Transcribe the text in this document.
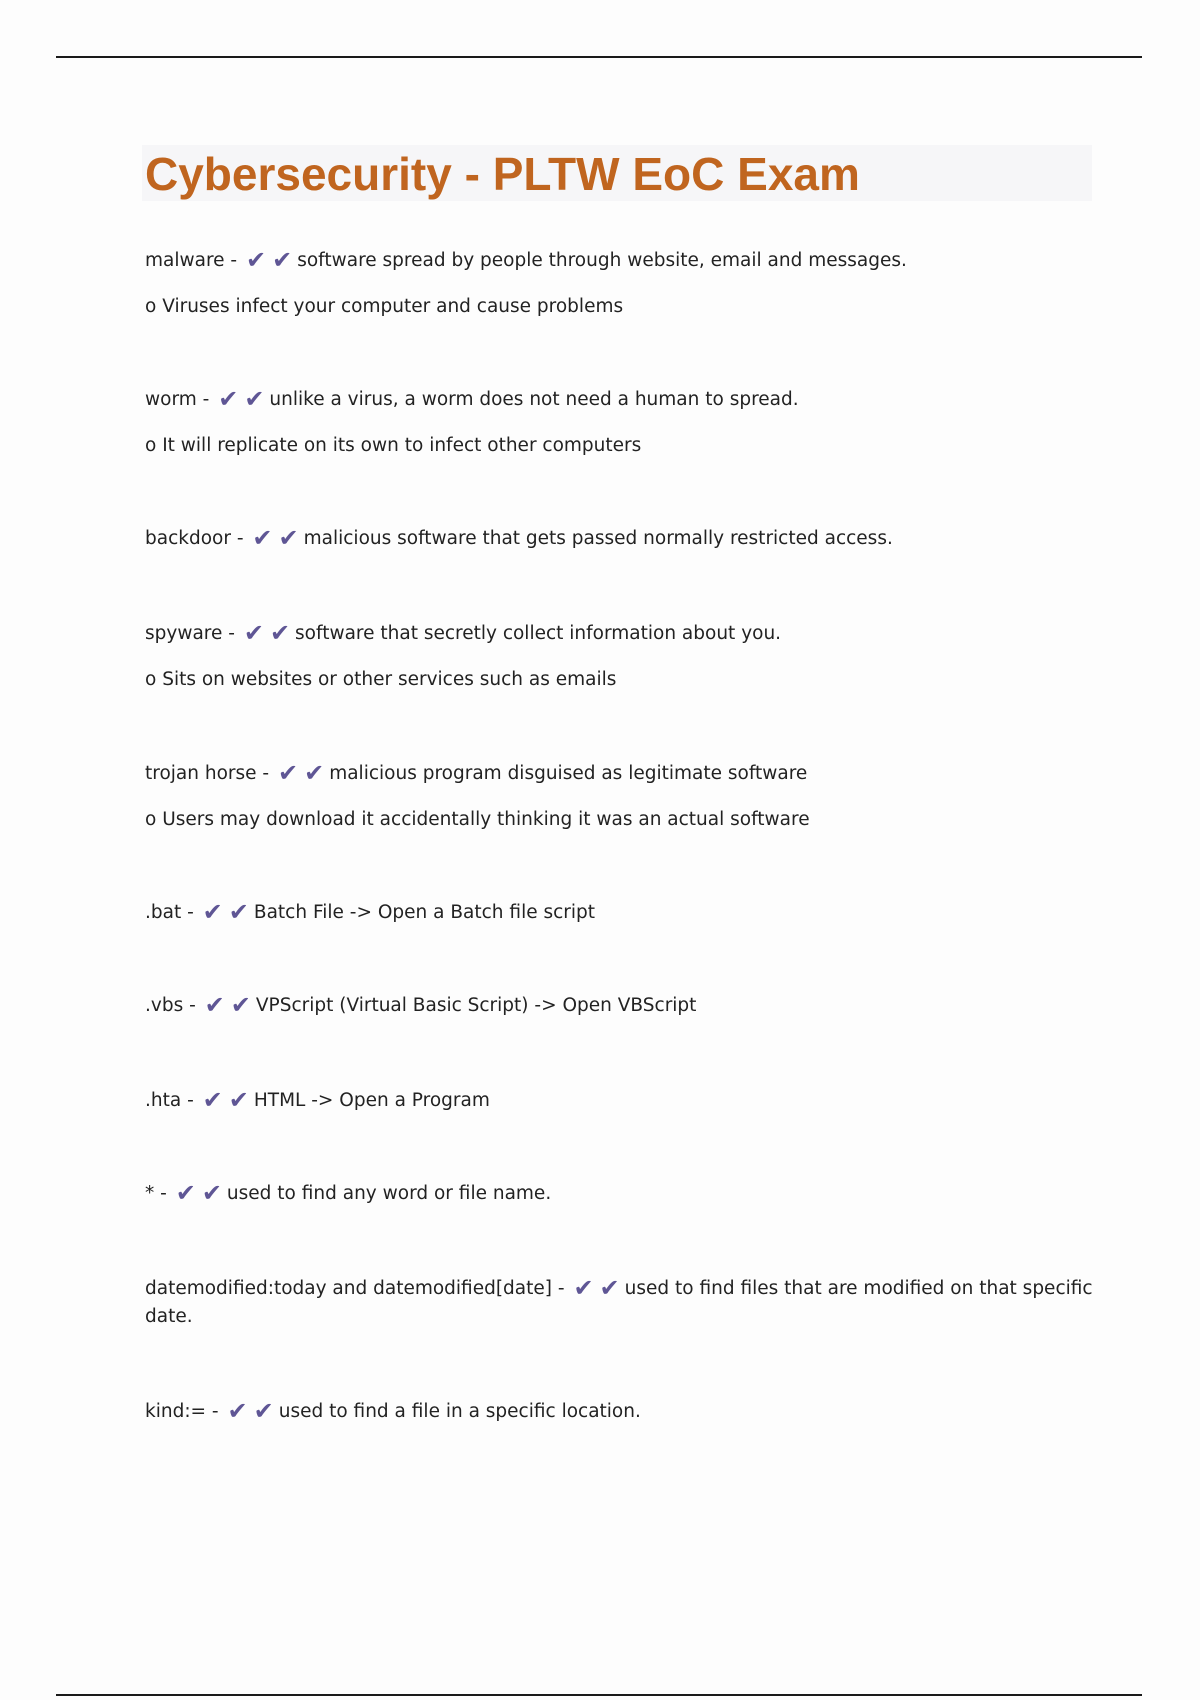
Cybersecurity - PLTW EoC Exam
malware - ✔ ✔ software spread by people through website, email and messages.
o Viruses infect your computer and cause problems
worm - ✔ ✔ unlike a virus, a worm does not need a human to spread.
o It will replicate on its own to infect other computers
backdoor - ✔ ✔ malicious software that gets passed normally restricted access.
spyware - ✔ ✔ software that secretly collect information about you.
o Sits on websites or other services such as emails
trojan horse - ✔ ✔ malicious program disguised as legitimate software
o Users may download it accidentally thinking it was an actual software
.bat - ✔ ✔ Batch File -> Open a Batch file script
.vbs - ✔ ✔ VPScript (Virtual Basic Script) -> Open VBScript
.hta - ✔ ✔ HTML -> Open a Program
* - ✔ ✔ used to find any word or file name.
datemodified:today and datemodified[date] - ✔ ✔ used to find files that are modified on that specific date.
kind:= - ✔ ✔ used to find a file in a specific location.
